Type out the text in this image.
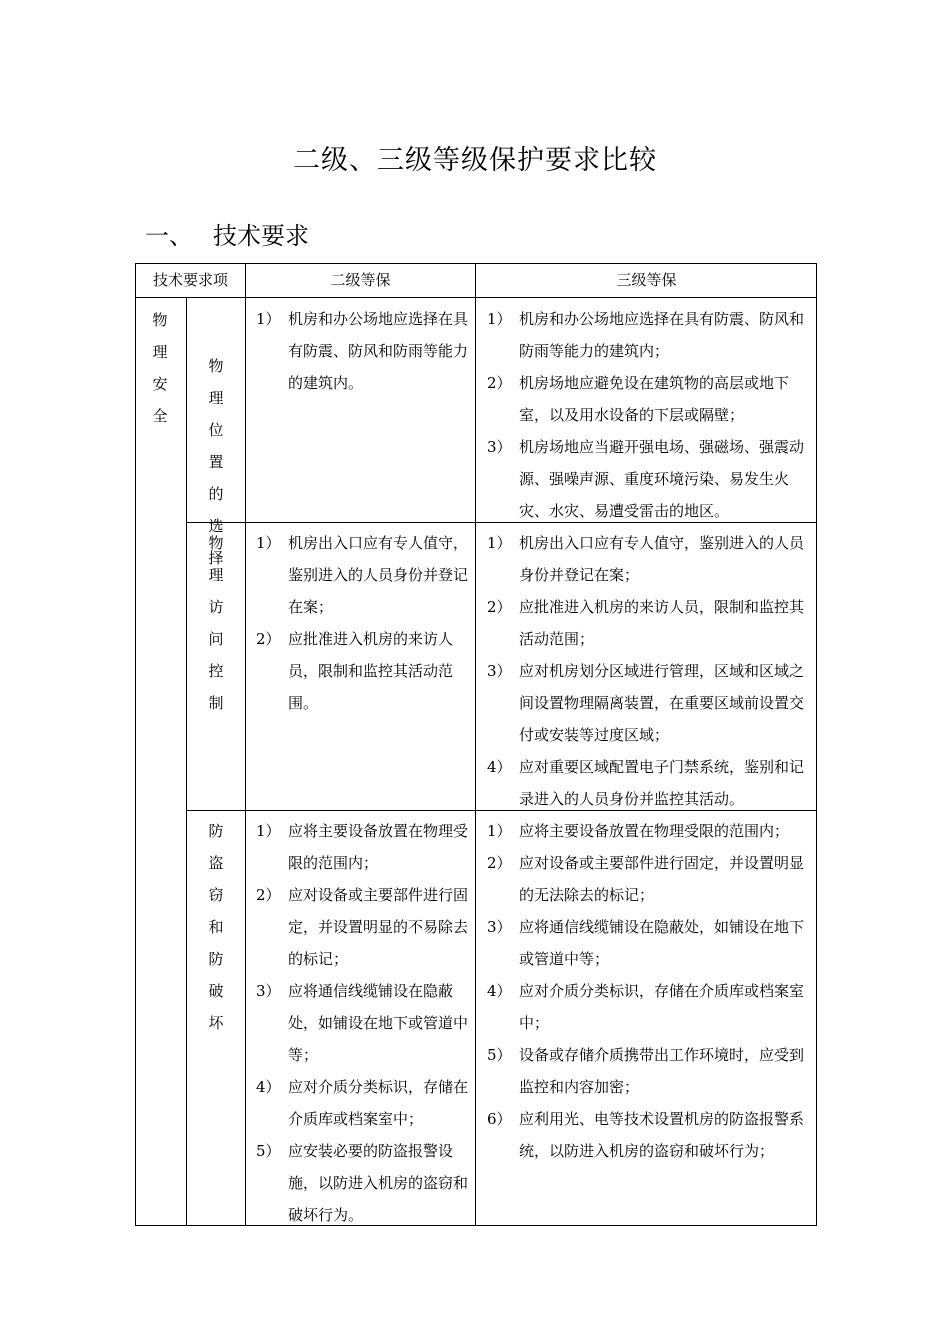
二级、三级等级保护要求比较
一、 技术要求
技术要求项	二级等保	三级等保
物理安全
物理位置的选择
物理访问控制
防盗窃和防破坏
1） 机房和办公场地应选择在具有防震、防风和防雨等能力的建筑内。
1） 机房和办公场地应选择在具有防震、防风和防雨等能力的建筑内；
2） 机房场地应避免设在建筑物的高层或地下室，以及用水设备的下层或隔壁；
3） 机房场地应当避开强电场、强磁场、强震动源、强噪声源、重度环境污染、易发生火灾、水灾、易遭受雷击的地区。
1） 机房出入口应有专人值守，鉴别进入的人员身份并登记在案；
2） 应批准进入机房的来访人员，限制和监控其活动范围。
1） 机房出入口应有专人值守，鉴别进入的人员身份并登记在案；
2） 应批准进入机房的来访人员，限制和监控其活动范围；
3） 应对机房划分区域进行管理，区域和区域之间设置物理隔离装置，在重要区域前设置交付或安装等过度区域；
4） 应对重要区域配置电子门禁系统，鉴别和记录进入的人员身份并监控其活动。
1） 应将主要设备放置在物理受限的范围内；
2） 应对设备或主要部件进行固定，并设置明显的不易除去的标记；
3） 应将通信线缆铺设在隐蔽处，如铺设在地下或管道中等；
4） 应对介质分类标识，存储在介质库或档案室中；
5） 应安装必要的防盗报警设施，以防进入机房的盗窃和破坏行为。
1） 应将主要设备放置在物理受限的范围内；
2） 应对设备或主要部件进行固定，并设置明显的无法除去的标记；
3） 应将通信线缆铺设在隐蔽处，如铺设在地下或管道中等；
4） 应对介质分类标识，存储在介质库或档案室中；
5） 设备或存储介质携带出工作环境时，应受到监控和内容加密；
6） 应利用光、电等技术设置机房的防盗报警系统，以防进入机房的盗窃和破坏行为；
